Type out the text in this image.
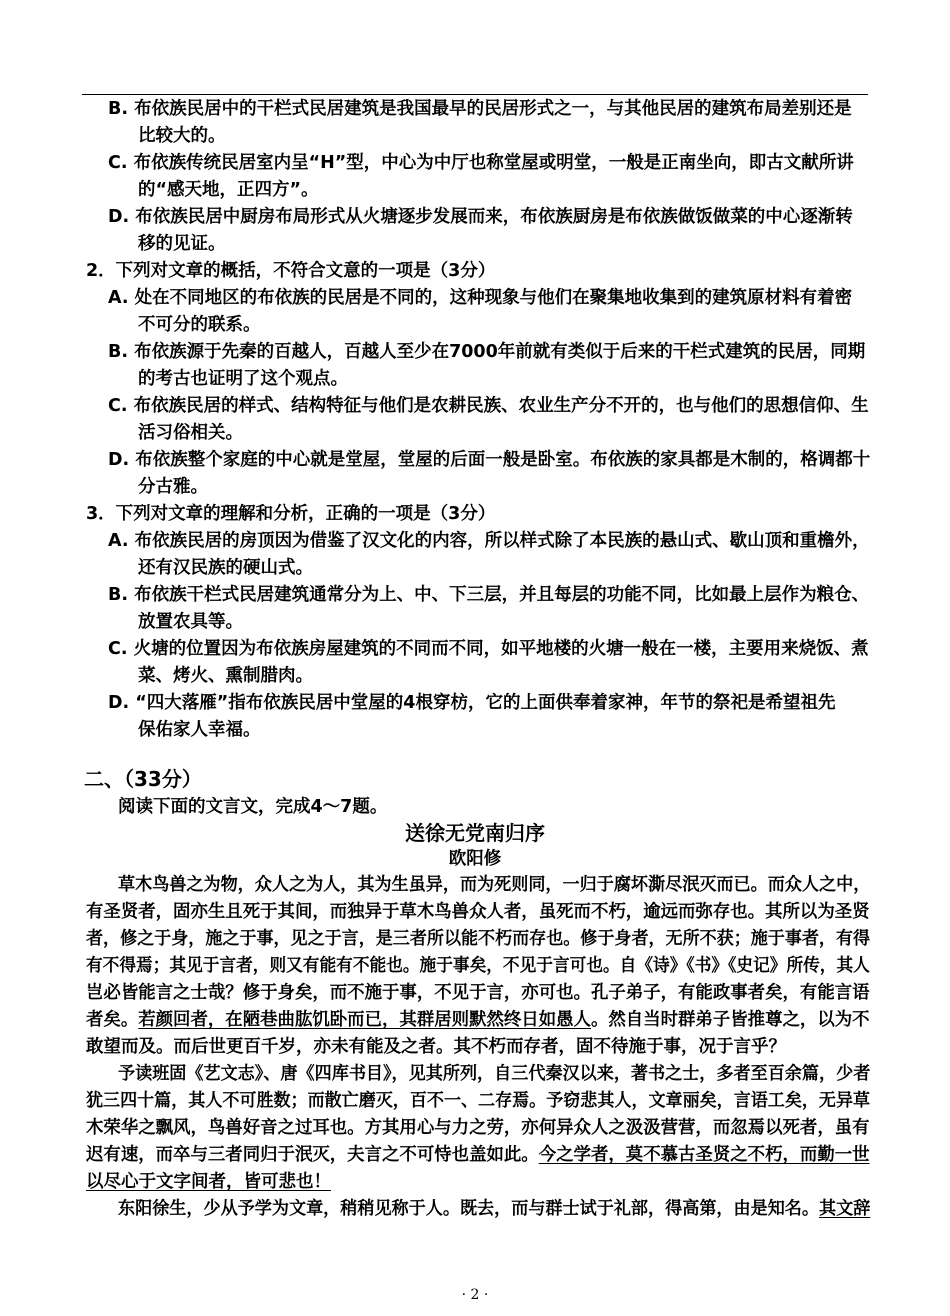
B. 布依族民居中的干栏式民居建筑是我国最早的民居形式之一，与其他民居的建筑布局差别还是
比较大的。
C. 布依族传统民居室内呈“H”型，中心为中厅也称堂屋或明堂，一般是正南坐向，即古文献所讲
的“感天地，正四方”。
D. 布依族民居中厨房布局形式从火塘逐步发展而来，布依族厨房是布依族做饭做菜的中心逐渐转
移的见证。
2．下列对文章的概括，不符合文意的一项是（3分）
A. 处在不同地区的布依族的民居是不同的，这种现象与他们在聚集地收集到的建筑原材料有着密
不可分的联系。
B. 布依族源于先秦的百越人，百越人至少在7000年前就有类似于后来的干栏式建筑的民居，同期
的考古也证明了这个观点。
C. 布依族民居的样式、结构特征与他们是农耕民族、农业生产分不开的，也与他们的思想信仰、生
活习俗相关。
D. 布依族整个家庭的中心就是堂屋，堂屋的后面一般是卧室。布依族的家具都是木制的，格调都十
分古雅。
3．下列对文章的理解和分析，正确的一项是（3分）
A. 布依族民居的房顶因为借鉴了汉文化的内容，所以样式除了本民族的悬山式、歇山顶和重檐外，
还有汉民族的硬山式。
B. 布依族干栏式民居建筑通常分为上、中、下三层，并且每层的功能不同，比如最上层作为粮仓、
放置农具等。
C. 火塘的位置因为布依族房屋建筑的不同而不同，如平地楼的火塘一般在一楼，主要用来烧饭、煮
菜、烤火、熏制腊肉。
D. “四大落雁”指布依族民居中堂屋的4根穿枋，它的上面供奉着家神，年节的祭祀是希望祖先
保佑家人幸福。
二、（33分）
阅读下面的文言文，完成4～7题。
送徐无党南归序
欧阳修
草木鸟兽之为物，众人之为人，其为生虽异，而为死则同，一归于腐坏澌尽泯灭而已。而众人之中，
有圣贤者，固亦生且死于其间，而独异于草木鸟兽众人者，虽死而不朽，逾远而弥存也。其所以为圣贤
者，修之于身，施之于事，见之于言，是三者所以能不朽而存也。修于身者，无所不获；施于事者，有得
有不得焉；其见于言者，则又有能有不能也。施于事矣，不见于言可也。自《诗》《书》《史记》所传，其人
岂必皆能言之士哉？修于身矣，而不施于事，不见于言，亦可也。孔子弟子，有能政事者矣，有能言语
者矣。若颜回者，在陋巷曲肱饥卧而已，其群居则默然终日如愚人。然自当时群弟子皆推尊之，以为不
敢望而及。而后世更百千岁，亦未有能及之者。其不朽而存者，固不待施于事，况于言乎？
予读班固《艺文志》、唐《四库书目》，见其所列，自三代秦汉以来，著书之士，多者至百余篇，少者
犹三四十篇，其人不可胜数；而散亡磨灭，百不一、二存焉。予窃悲其人，文章丽矣，言语工矣，无异草
木荣华之飘风，鸟兽好音之过耳也。方其用心与力之劳，亦何异众人之汲汲营营，而忽焉以死者，虽有
迟有速，而卒与三者同归于泯灭，夫言之不可恃也盖如此。今之学者，莫不慕古圣贤之不朽，而勤一世
以尽心于文字间者，皆可悲也！
东阳徐生，少从予学为文章，稍稍见称于人。既去，而与群士试于礼部，得高第，由是知名。其文辞
· 2 ·
